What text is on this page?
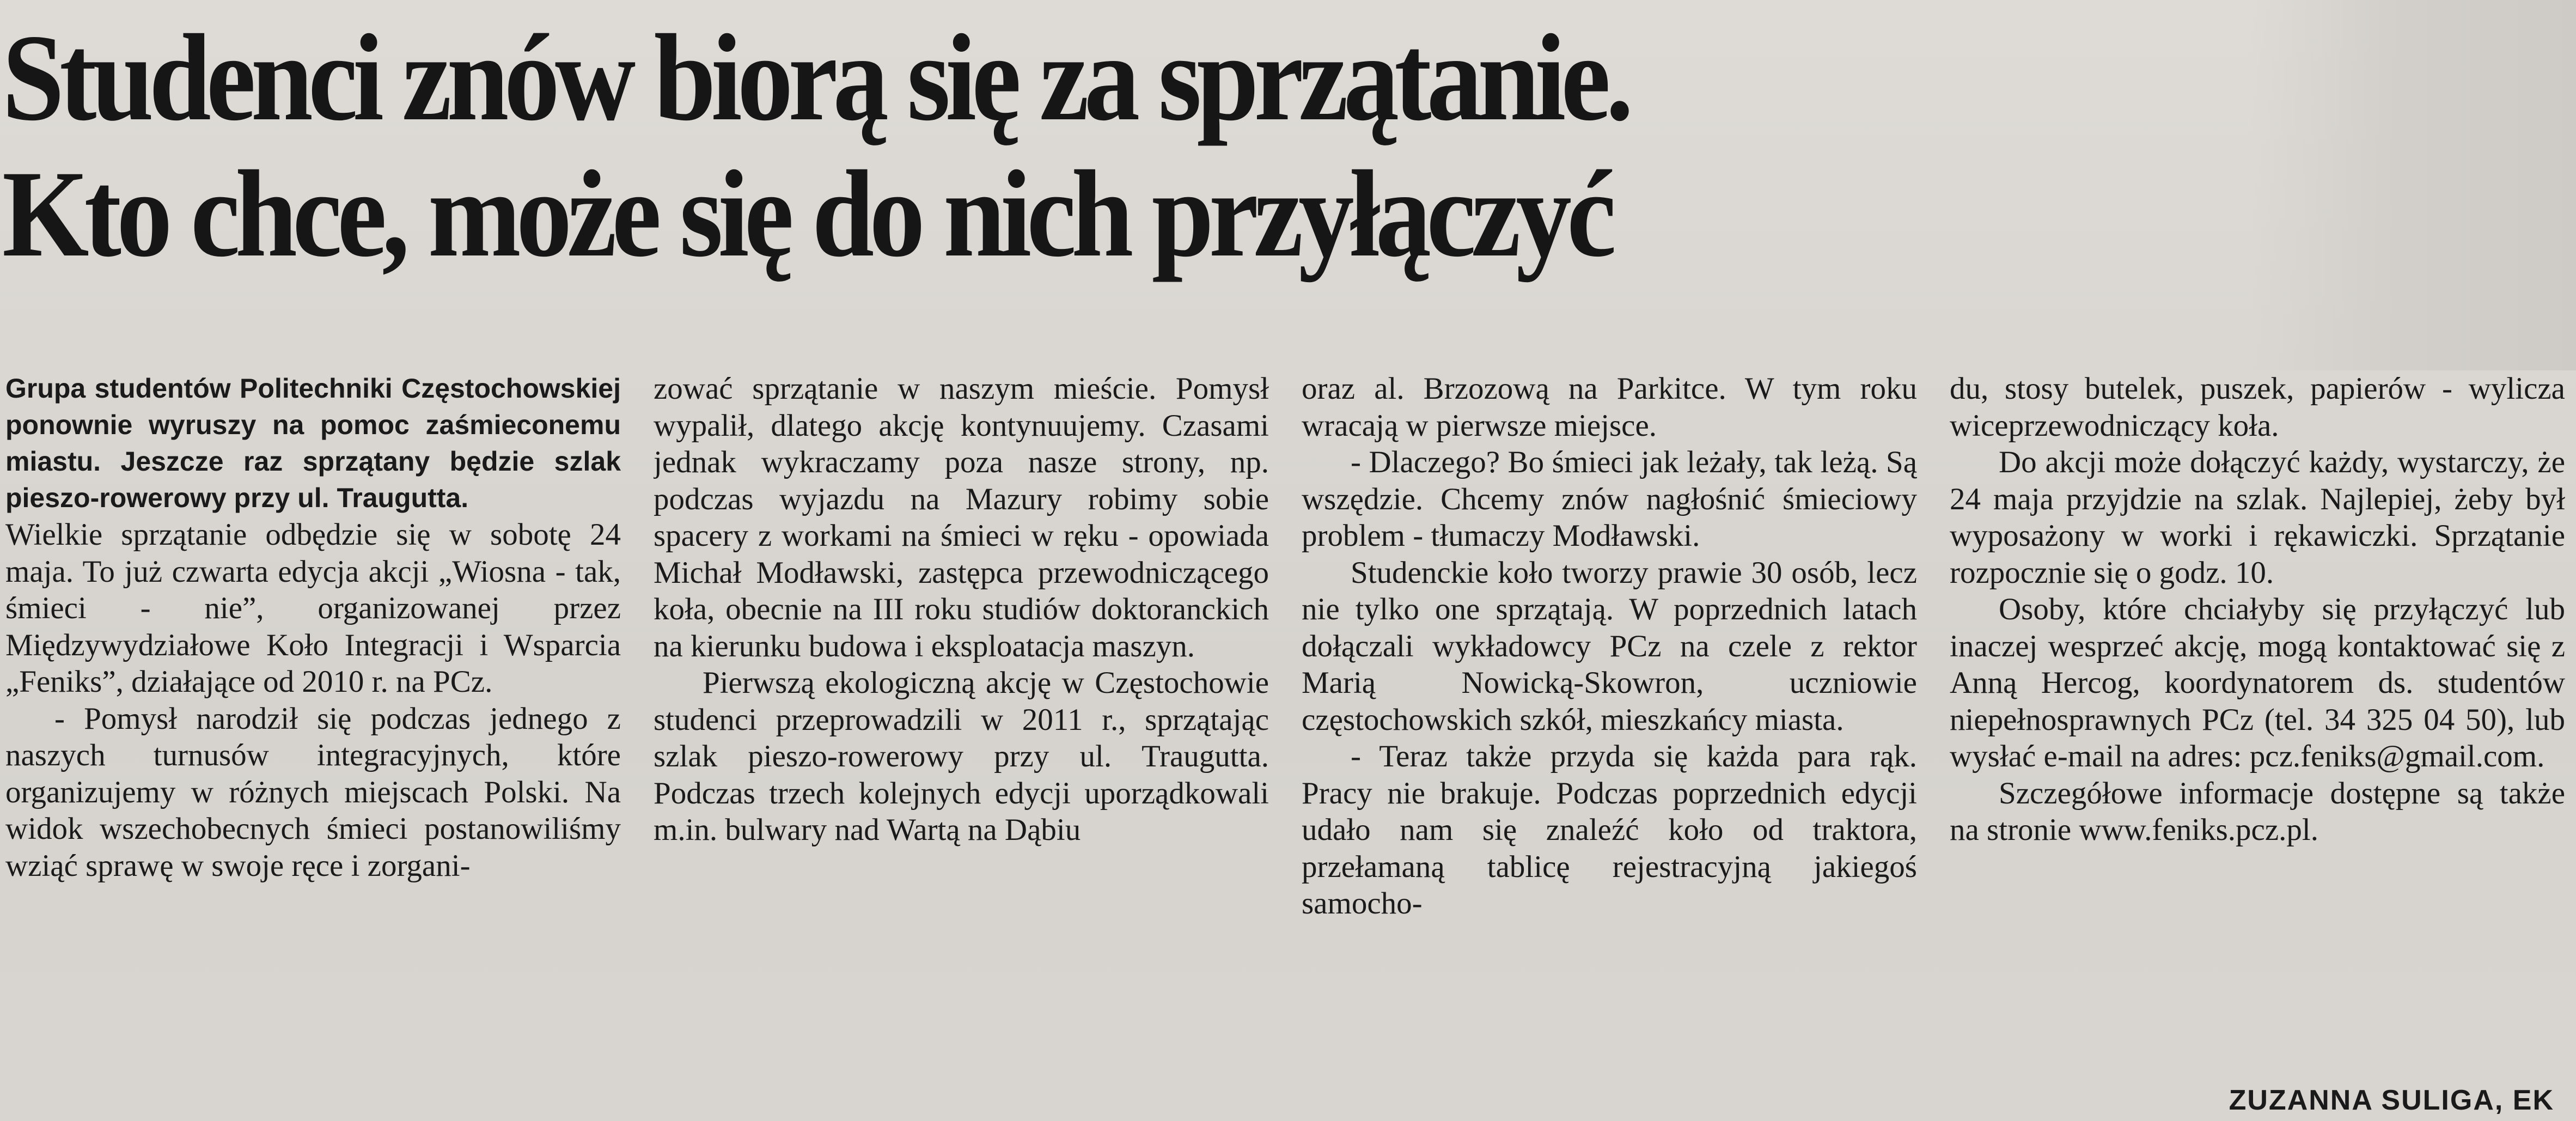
Studenci znów biorą się za sprzątanie.
Kto chce, może się do nich przyłączyć

Grupa studentów Politechniki Częstochowskiej ponownie wyruszy na pomoc zaśmieconemu miastu. Jeszcze raz sprzątany będzie szlak pieszo-rowerowy przy ul. Traugutta.

Wielkie sprzątanie odbędzie się w sobotę 24 maja. To już czwarta edycja akcji „Wiosna - tak, śmieci - nie”, organizowanej przez Międzywydziałowe Koło Integracji i Wsparcia „Feniks”, działające od 2010 r. na PCz.

- Pomysł narodził się podczas jednego z naszych turnusów integracyjnych, które organizujemy w różnych miejscach Polski. Na widok wszechobecnych śmieci postanowiliśmy wziąć sprawę w swoje ręce i zorgani-

zować sprzątanie w naszym mieście. Pomysł wypalił, dlatego akcję kontynuujemy. Czasami jednak wykraczamy poza nasze strony, np. podczas wyjazdu na Mazury robimy sobie spacery z workami na śmieci w ręku - opowiada Michał Modławski, zastępca przewodniczącego koła, obecnie na III roku studiów doktoranckich na kierunku budowa i eksploatacja maszyn.

Pierwszą ekologiczną akcję w Częstochowie studenci przeprowadzili w 2011 r., sprzątając szlak pieszo-rowerowy przy ul. Traugutta. Podczas trzech kolejnych edycji uporządkowali m.in. bulwary nad Wartą na Dąbiu

oraz al. Brzozową na Parkitce. W tym roku wracają w pierwsze miejsce.

- Dlaczego? Bo śmieci jak leżały, tak leżą. Są wszędzie. Chcemy znów nagłośnić śmieciowy problem - tłumaczy Modławski.

Studenckie koło tworzy prawie 30 osób, lecz nie tylko one sprzątają. W poprzednich latach dołączali wykładowcy PCz na czele z rektor Marią Nowicką-Skowron, uczniowie częstochowskich szkół, mieszkańcy miasta.

- Teraz także przyda się każda para rąk. Pracy nie brakuje. Podczas poprzednich edycji udało nam się znaleźć koło od traktora, przełamaną tablicę rejestracyjną jakiegoś samocho-

du, stosy butelek, puszek, papierów - wylicza wiceprzewodniczący koła.

Do akcji może dołączyć każdy, wystarczy, że 24 maja przyjdzie na szlak. Najlepiej, żeby był wyposażony w worki i rękawiczki. Sprzątanie rozpocznie się o godz. 10.

Osoby, które chciałyby się przyłączyć lub inaczej wesprzeć akcję, mogą kontaktować się z Anną Hercog, koordynatorem ds. studentów niepełnosprawnych PCz (tel. 34 325 04 50), lub wysłać e-mail na adres: pcz.feniks@gmail.com.

Szczegółowe informacje dostępne są także na stronie www.feniks.pcz.pl.

ZUZANNA SULIGA, EK
